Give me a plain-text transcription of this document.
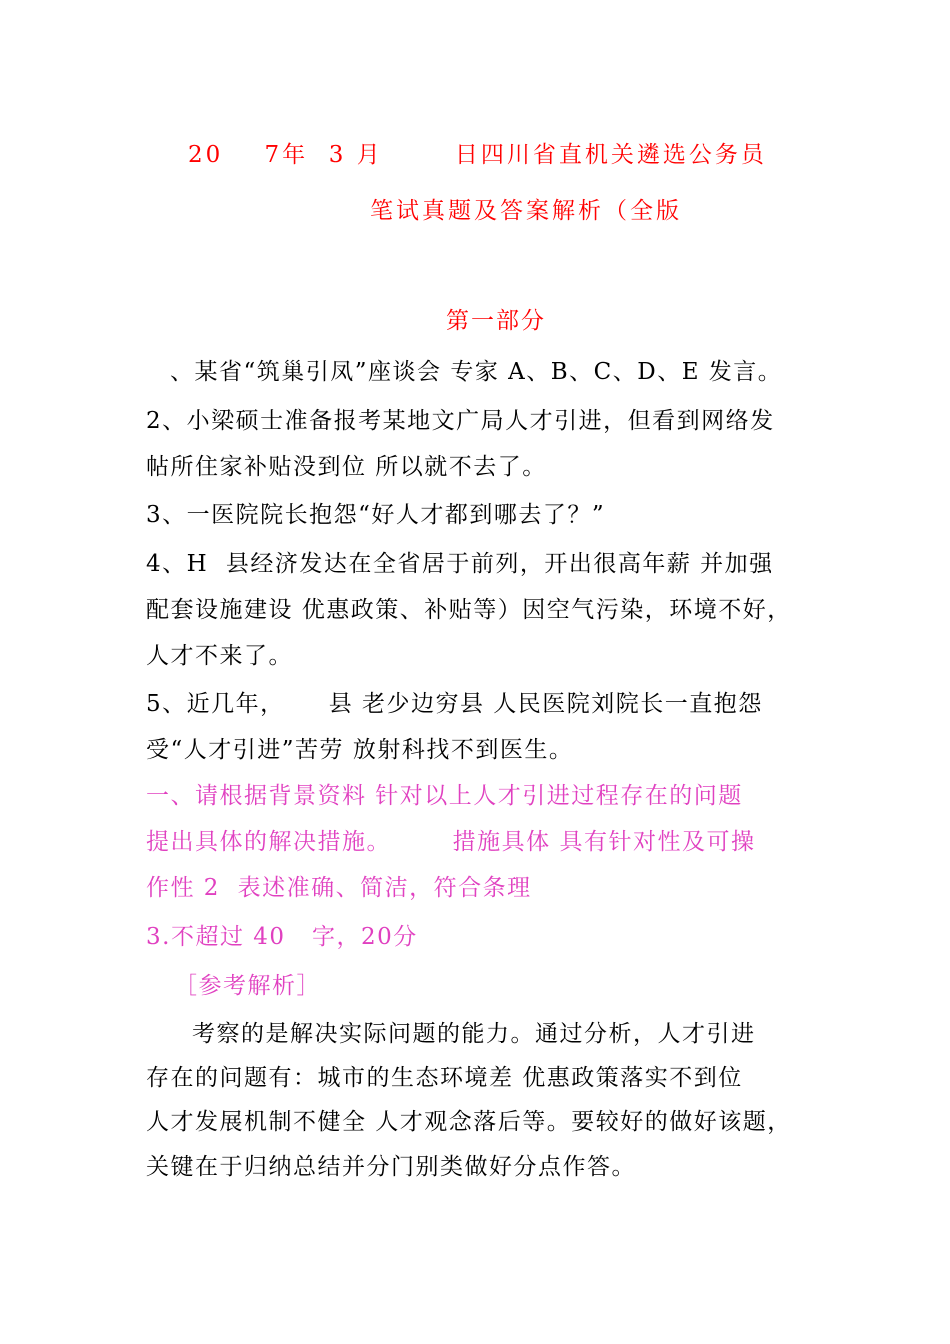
20    7年  3 月       日四川省直机关遴选公务员
笔试真题及答案解析（全版
第一部分
、某省“筑巢引凤”座谈会 专家 A、B、C、D、E 发言。
2、小梁硕士准备报考某地文广局人才引进，但看到网络发
帖所住家补贴没到位 所以就不去了。
3、一医院院长抱怨“好人才都到哪去了？”
4、H  县经济发达在全省居于前列，开出很高年薪 并加强
配套设施建设 优惠政策、补贴等）因空气污染，环境不好，
人才不来了。
5、近几年，     县 老少边穷县 人民医院刘院长一直抱怨
受“人才引进”苦劳 放射科找不到医生。
一、请根据背景资料 针对以上人才引进过程存在的问题
提出具体的解决措施。       措施具体 具有针对性及可操
作性 2  表述准确、简洁，符合条理
3.不超过 40   字，20分
［参考解析］
考察的是解决实际问题的能力。通过分析，人才引进
存在的问题有：城市的生态环境差 优惠政策落实不到位
人才发展机制不健全 人才观念落后等。要较好的做好该题，
关键在于归纳总结并分门别类做好分点作答。
